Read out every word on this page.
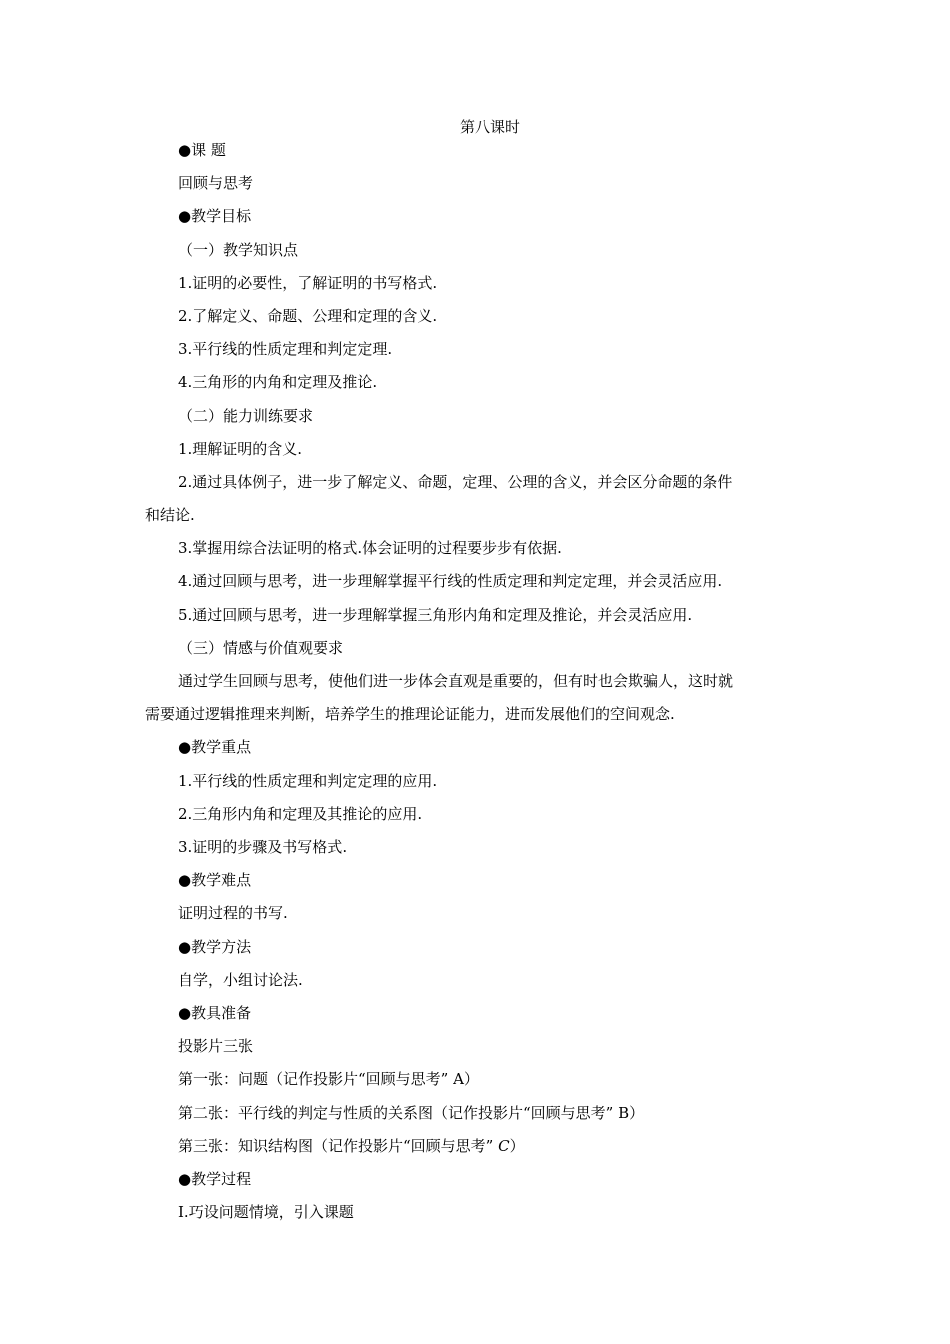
第八课时
●课 题
回顾与思考
●教学目标
（一）教学知识点
1.证明的必要性，了解证明的书写格式.
2.了解定义、命题、公理和定理的含义.
3.平行线的性质定理和判定定理.
4.三角形的内角和定理及推论.
（二）能力训练要求
1.理解证明的含义.
2.通过具体例子，进一步了解定义、命题，定理、公理的含义，并会区分命题的条件
和结论.
3.掌握用综合法证明的格式.体会证明的过程要步步有依据.
4.通过回顾与思考，进一步理解掌握平行线的性质定理和判定定理，并会灵活应用.
5.通过回顾与思考，进一步理解掌握三角形内角和定理及推论，并会灵活应用.
（三）情感与价值观要求
通过学生回顾与思考，使他们进一步体会直观是重要的，但有时也会欺骗人，这时就
需要通过逻辑推理来判断，培养学生的推理论证能力，进而发展他们的空间观念.
●教学重点
1.平行线的性质定理和判定定理的应用.
2.三角形内角和定理及其推论的应用.
3.证明的步骤及书写格式.
●教学难点
证明过程的书写.
●教学方法
自学，小组讨论法.
●教具准备
投影片三张
第一张：问题（记作投影片“回顾与思考” A）
第二张：平行线的判定与性质的关系图（记作投影片“回顾与思考” B）
第三张：知识结构图（记作投影片“回顾与思考” C）
●教学过程
Ⅰ.巧设问题情境，引入课题
